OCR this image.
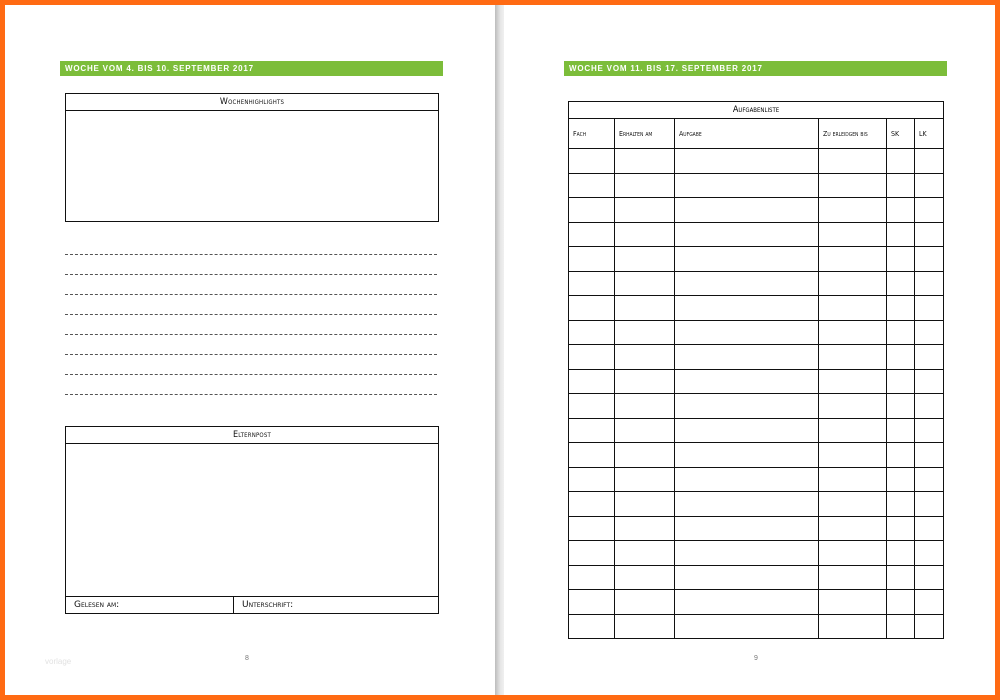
WOCHE VOM 4. BIS 10. SEPTEMBER 2017
Wochenhighlights
Elternpost
Gelesen am:	Unterschrift:
vorlage	8
WOCHE VOM 11. BIS 17. SEPTEMBER 2017
Aufgabenliste					
Fach	Erhalten am	Aufgabe	Zu erleidgen bis	SK	LK

9
